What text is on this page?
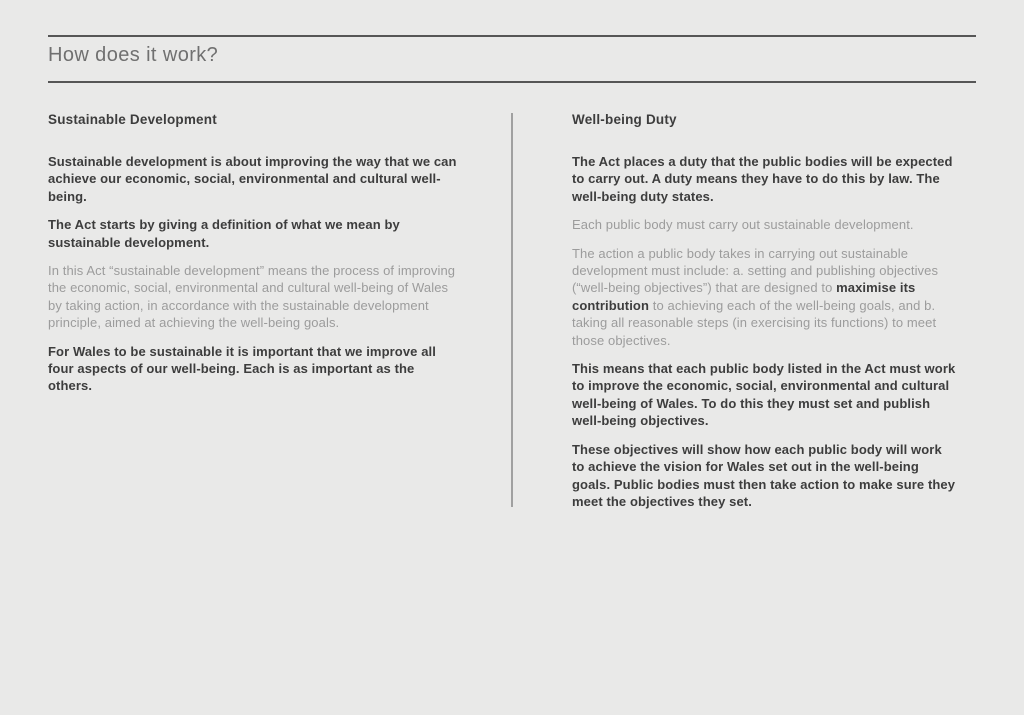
How does it work?
Sustainable Development

Sustainable development is about improving the way that we can achieve our economic, social, environmental and cultural well-being.

The Act starts by giving a definition of what we mean by sustainable development.

In this Act “sustainable development” means the process of improving the economic, social, environmental and cultural well-being of Wales by taking action, in accordance with the sustainable development principle, aimed at achieving the well-being goals.

For Wales to be sustainable it is important that we improve all four aspects of our well-being. Each is as important as the others.

Well-being Duty

The Act places a duty that the public bodies will be expected to carry out. A duty means they have to do this by law. The well-being duty states.

Each public body must carry out sustainable development.

The action a public body takes in carrying out sustainable development must include: a. setting and publishing objectives (“well-being objectives”) that are designed to maximise its contribution to achieving each of the well-being goals, and b. taking all reasonable steps (in exercising its functions) to meet those objectives.

This means that each public body listed in the Act must work to improve the economic, social, environmental and cultural well-being of Wales. To do this they must set and publish well-being objectives.

These objectives will show how each public body will work to achieve the vision for Wales set out in the well-being goals. Public bodies must then take action to make sure they meet the objectives they set.
